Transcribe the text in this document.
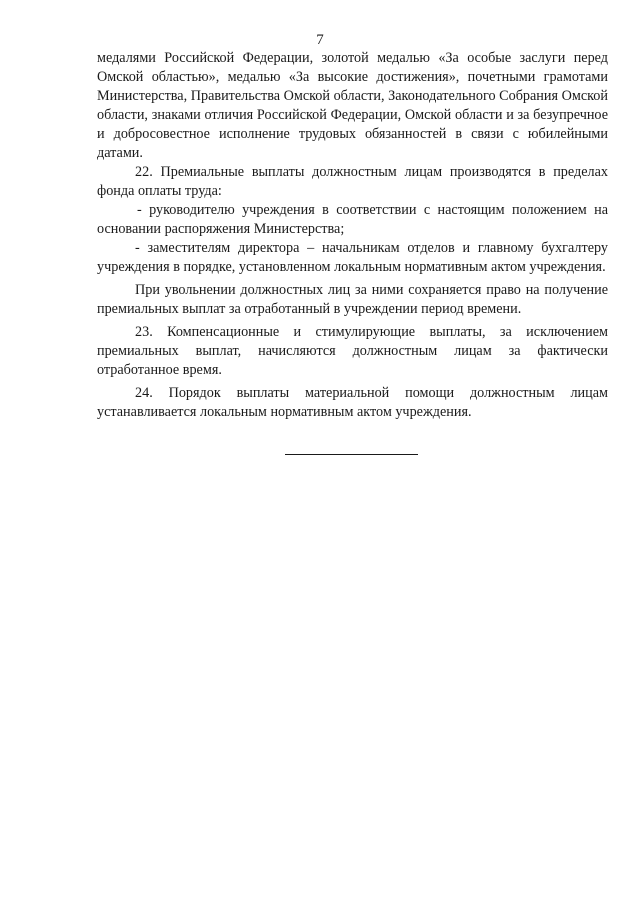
7

медалями Российской Федерации, золотой медалью «За особые заслуги перед Омской областью», медалью «За высокие достижения», почетными грамотами Министерства, Правительства Омской области, Законодательного Собрания Омской области, знаками отличия Российской Федерации, Омской области и за безупречное и добросовестное исполнение трудовых обязанностей в связи с юбилейными датами.

22. Премиальные выплаты должностным лицам производятся в пределах фонда оплаты труда:

- руководителю учреждения в соответствии с настоящим положением на основании распоряжения Министерства;

- заместителям директора – начальникам отделов и главному бухгалтеру учреждения в порядке, установленном локальным нормативным актом учреждения.

При увольнении должностных лиц за ними сохраняется право на получение премиальных выплат за отработанный в учреждении период времени.

23. Компенсационные и стимулирующие выплаты, за исключением премиальных выплат, начисляются должностным лицам за фактически отработанное время.

24. Порядок выплаты материальной помощи должностным лицам устанавливается локальным нормативным актом учреждения.
